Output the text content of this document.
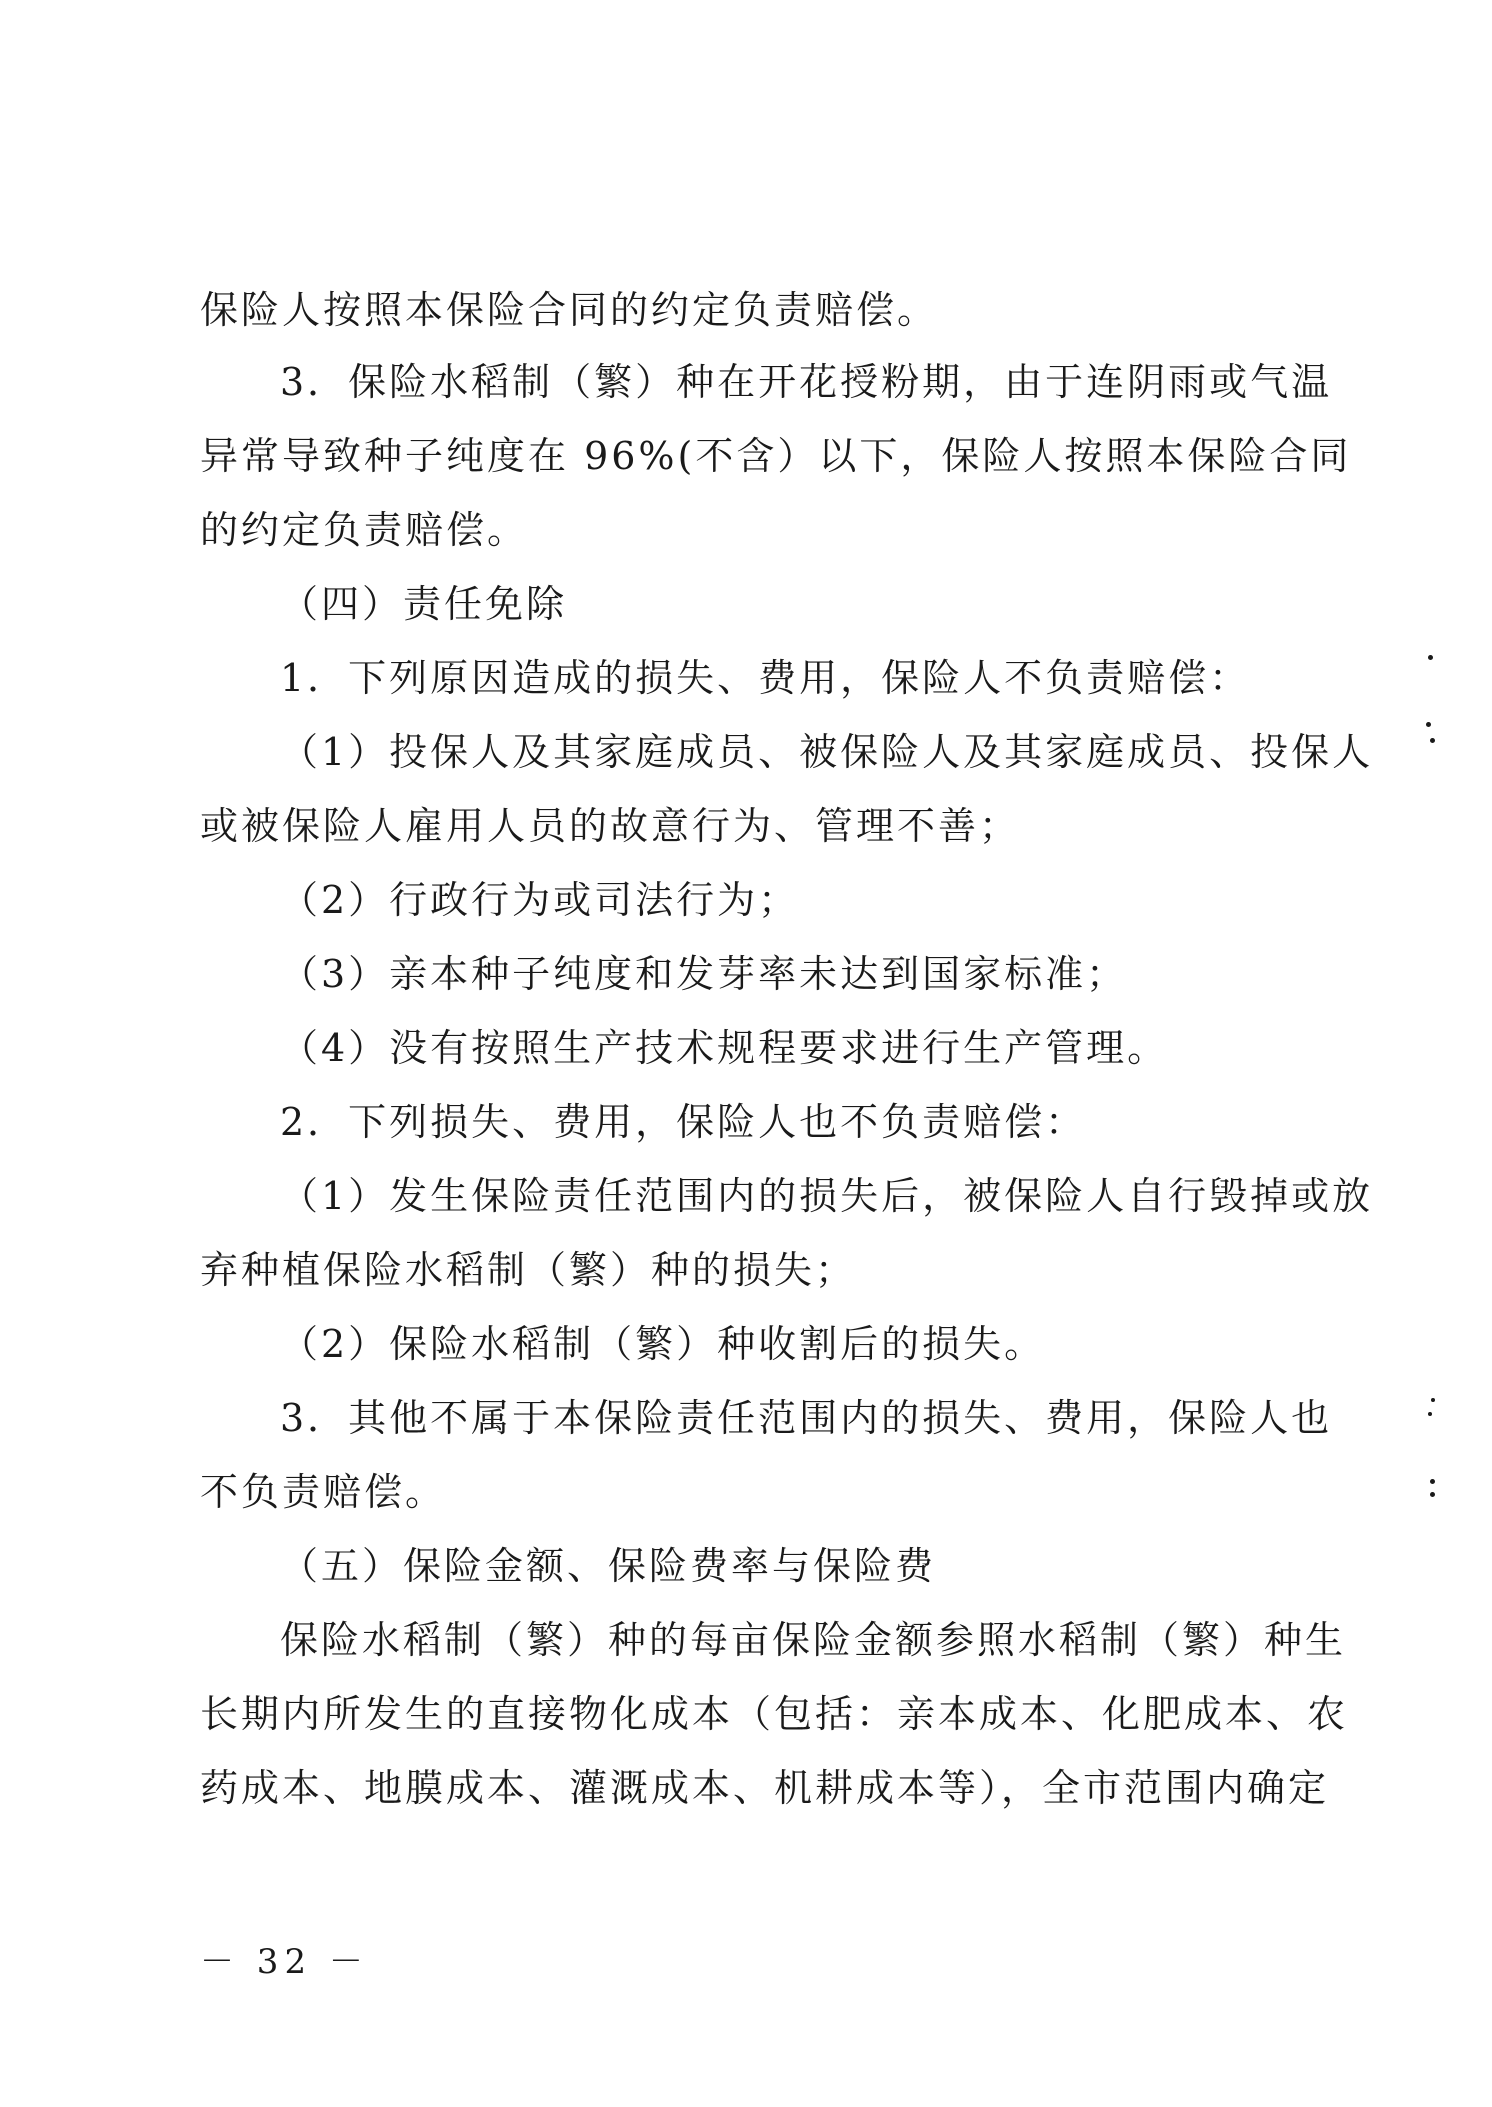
保险人按照本保险合同的约定负责赔偿。
3．保险水稻制（繁）种在开花授粉期，由于连阴雨或气温
异常导致种子纯度在 96%(不含）以下，保险人按照本保险合同
的约定负责赔偿。
（四）责任免除
1．下列原因造成的损失、费用，保险人不负责赔偿：
（1）投保人及其家庭成员、被保险人及其家庭成员、投保人
或被保险人雇用人员的故意行为、管理不善；
（2）行政行为或司法行为；
（3）亲本种子纯度和发芽率未达到国家标准；
（4）没有按照生产技术规程要求进行生产管理。
2．下列损失、费用，保险人也不负责赔偿：
（1）发生保险责任范围内的损失后，被保险人自行毁掉或放
弃种植保险水稻制（繁）种的损失；
（2）保险水稻制（繁）种收割后的损失。
3．其他不属于本保险责任范围内的损失、费用，保险人也
不负责赔偿。
（五）保险金额、保险费率与保险费
保险水稻制（繁）种的每亩保险金额参照水稻制（繁）种生
长期内所发生的直接物化成本（包括：亲本成本、化肥成本、农
药成本、地膜成本、灌溉成本、机耕成本等），全市范围内确定
－ 32 －
